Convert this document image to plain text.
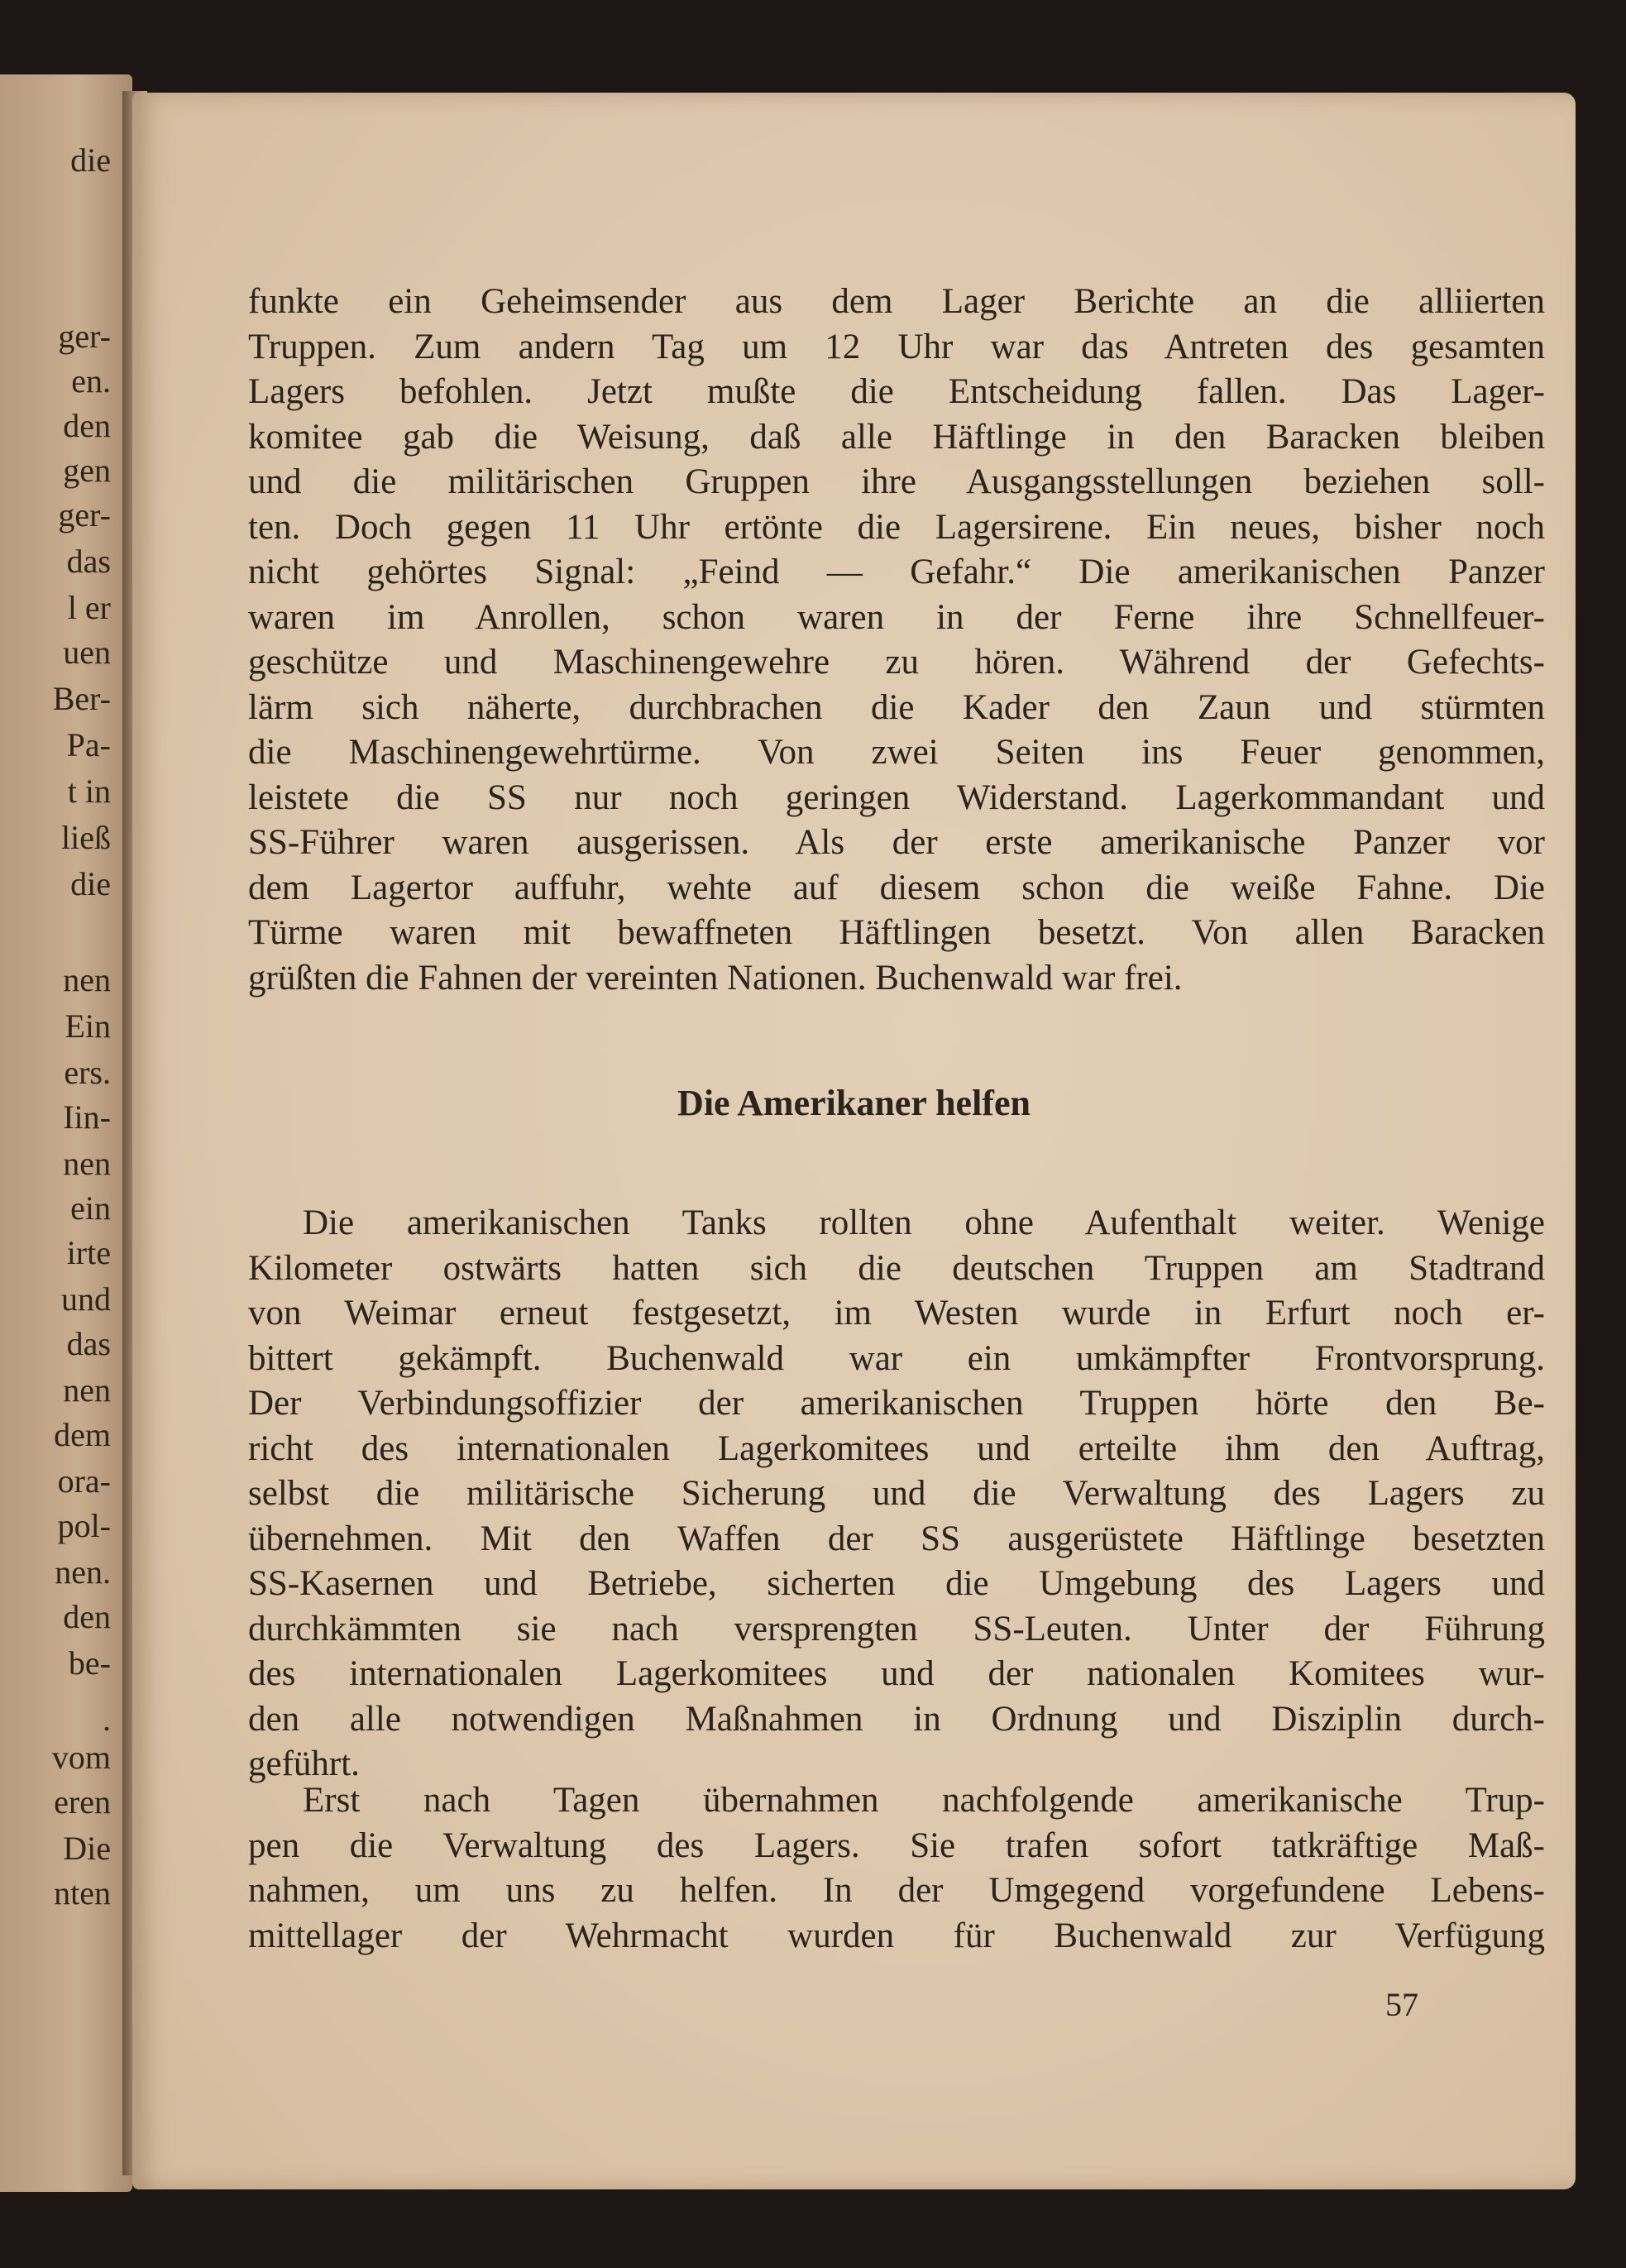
die
ger-
en.
den
gen
ger-
das
l er
uen
Ber-
Pa-
t in
ließ
die
nen
Ein
ers.
Iin-
nen
ein
irte
und
das
nen
dem
ora-
pol-
nen.
den
be-
.
vom
eren
Die
nten
funkte ein Geheimsender aus dem Lager Berichte an die alliierten
Truppen. Zum andern Tag um 12 Uhr war das Antreten des gesamten
Lagers befohlen. Jetzt mußte die Entscheidung fallen. Das Lager-
komitee gab die Weisung, daß alle Häftlinge in den Baracken bleiben
und die militärischen Gruppen ihre Ausgangsstellungen beziehen soll-
ten. Doch gegen 11 Uhr ertönte die Lagersirene. Ein neues, bisher noch
nicht gehörtes Signal: „Feind — Gefahr.“ Die amerikanischen Panzer
waren im Anrollen, schon waren in der Ferne ihre Schnellfeuer-
geschütze und Maschinengewehre zu hören. Während der Gefechts-
lärm sich näherte, durchbrachen die Kader den Zaun und stürmten
die Maschinengewehrtürme. Von zwei Seiten ins Feuer genommen,
leistete die SS nur noch geringen Widerstand. Lagerkommandant und
SS-Führer waren ausgerissen. Als der erste amerikanische Panzer vor
dem Lagertor auffuhr, wehte auf diesem schon die weiße Fahne. Die
Türme waren mit bewaffneten Häftlingen besetzt. Von allen Baracken
grüßten die Fahnen der vereinten Nationen. Buchenwald war frei.
Die Amerikaner helfen
Die amerikanischen Tanks rollten ohne Aufenthalt weiter. Wenige
Kilometer ostwärts hatten sich die deutschen Truppen am Stadtrand
von Weimar erneut festgesetzt, im Westen wurde in Erfurt noch er-
bittert gekämpft. Buchenwald war ein umkämpfter Frontvorsprung.
Der Verbindungsoffizier der amerikanischen Truppen hörte den Be-
richt des internationalen Lagerkomitees und erteilte ihm den Auftrag,
selbst die militärische Sicherung und die Verwaltung des Lagers zu
übernehmen. Mit den Waffen der SS ausgerüstete Häftlinge besetzten
SS-Kasernen und Betriebe, sicherten die Umgebung des Lagers und
durchkämmten sie nach versprengten SS-Leuten. Unter der Führung
des internationalen Lagerkomitees und der nationalen Komitees wur-
den alle notwendigen Maßnahmen in Ordnung und Disziplin durch-
geführt.
Erst nach Tagen übernahmen nachfolgende amerikanische Trup-
pen die Verwaltung des Lagers. Sie trafen sofort tatkräftige Maß-
nahmen, um uns zu helfen. In der Umgegend vorgefundene Lebens-
mittellager der Wehrmacht wurden für Buchenwald zur Verfügung
57
